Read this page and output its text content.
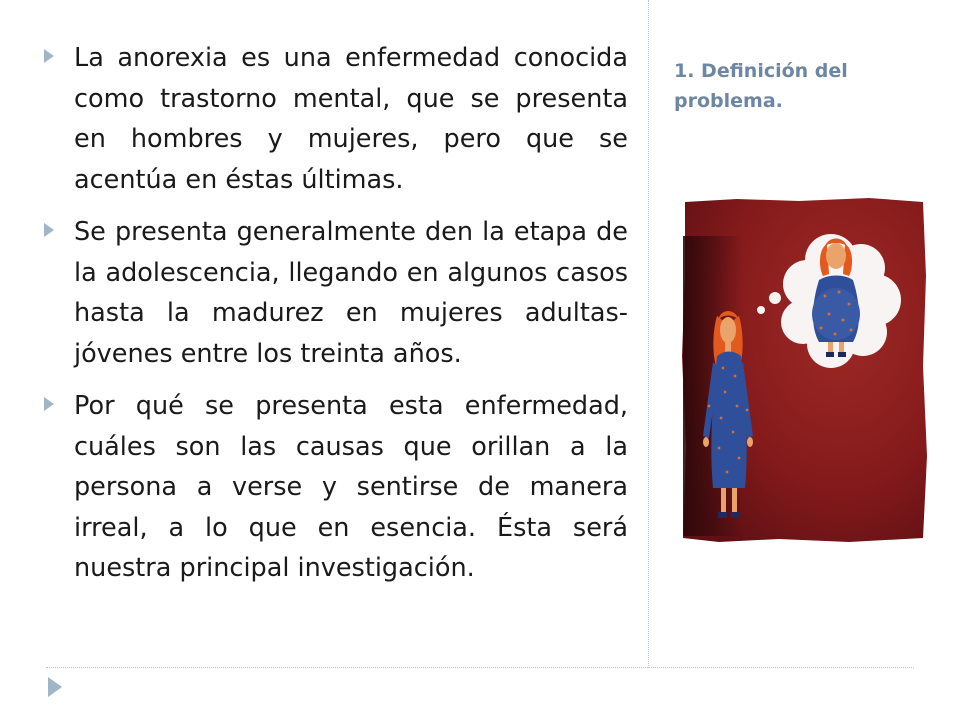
La anorexia es una enfermedad conocida como trastorno mental, que se presenta en hombres y mujeres, pero que se acentúa en éstas últimas.

Se presenta generalmente den la etapa de la adolescencia, llegando en algunos casos hasta la madurez en mujeres adultas-jóvenes entre los treinta años.

Por qué se presenta esta enfermedad, cuáles son las causas que orillan a la persona a verse y sentirse de manera irreal, a lo que en esencia. Ésta será nuestra principal investigación.

1. Definición del problema.
